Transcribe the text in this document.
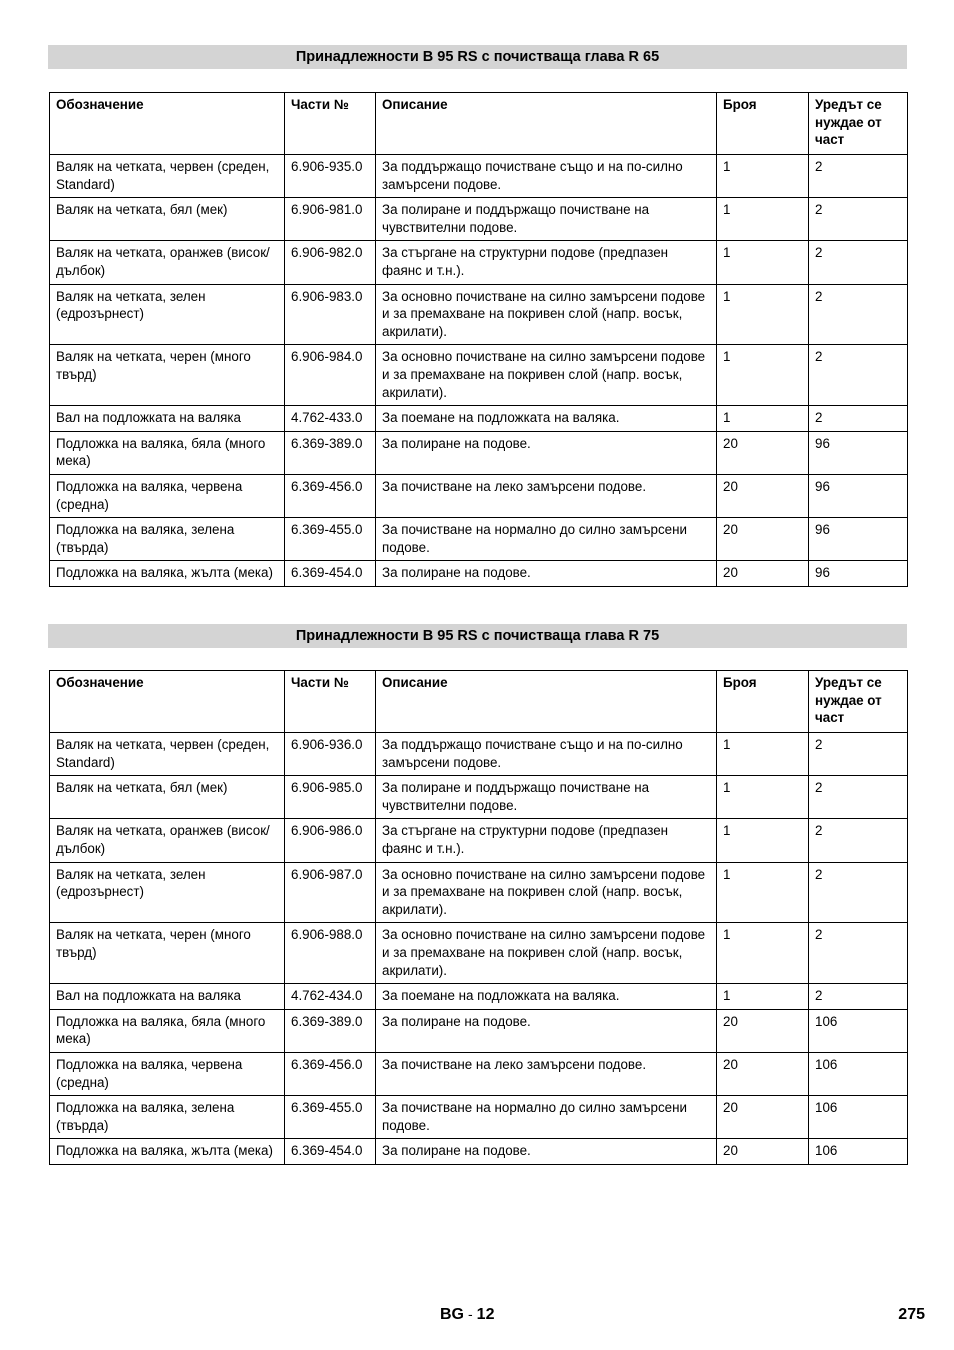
Принадлежности B 95 RS с почистваща глава R 65
Обозначение	Части №	Описание	Броя	Уредът се нуждае от част
Валяк на четката, червен (среден, Standard)	6.906-935.0	За поддържащо почистване също и на по-силно замърсени подове.	1	2
Валяк на четката, бял (мек)	6.906-981.0	За полиране и поддържащо почистване на чувствителни подове.	1	2
Валяк на четката, оранжев (висок/дълбок)	6.906-982.0	За стъргане на структурни подове (предпазен фаянс и т.н.).	1	2
Валяк на четката, зелен (едрозърнест)	6.906-983.0	За основно почистване на силно замърсени подове и за премахване на покривен слой (напр. восък, акрилати).	1	2
Валяк на четката, черен (много твърд)	6.906-984.0	За основно почистване на силно замърсени подове и за премахване на покривен слой (напр. восък, акрилати).	1	2
Вал на подложката на валяка	4.762-433.0	За поемане на подложката на валяка.	1	2
Подложка на валяка, бяла (много мека)	6.369-389.0	За полиране на подове.	20	96
Подложка на валяка, червена (средна)	6.369-456.0	За почистване на леко замърсени подове.	20	96
Подложка на валяка, зелена (твърда)	6.369-455.0	За почистване на нормално до силно замърсени подове.	20	96
Подложка на валяка, жълта (мека)	6.369-454.0	За полиране на подове.	20	96
Принадлежности B 95 RS с почистваща глава R 75
Обозначение	Части №	Описание	Броя	Уредът се нуждае от част
Валяк на четката, червен (среден, Standard)	6.906-936.0	За поддържащо почистване също и на по-силно замърсени подове.	1	2
Валяк на четката, бял (мек)	6.906-985.0	За полиране и поддържащо почистване на чувствителни подове.	1	2
Валяк на четката, оранжев (висок/дълбок)	6.906-986.0	За стъргане на структурни подове (предпазен фаянс и т.н.).	1	2
Валяк на четката, зелен (едрозърнест)	6.906-987.0	За основно почистване на силно замърсени подове и за премахване на покривен слой (напр. восък, акрилати).	1	2
Валяк на четката, черен (много твърд)	6.906-988.0	За основно почистване на силно замърсени подове и за премахване на покривен слой (напр. восък, акрилати).	1	2
Вал на подложката на валяка	4.762-434.0	За поемане на подложката на валяка.	1	2
Подложка на валяка, бяла (много мека)	6.369-389.0	За полиране на подове.	20	106
Подложка на валяка, червена (средна)	6.369-456.0	За почистване на леко замърсени подове.	20	106
Подложка на валяка, зелена (твърда)	6.369-455.0	За почистване на нормално до силно замърсени подове.	20	106
Подложка на валяка, жълта (мека)	6.369-454.0	За полиране на подове.	20	106
BG - 12	275
